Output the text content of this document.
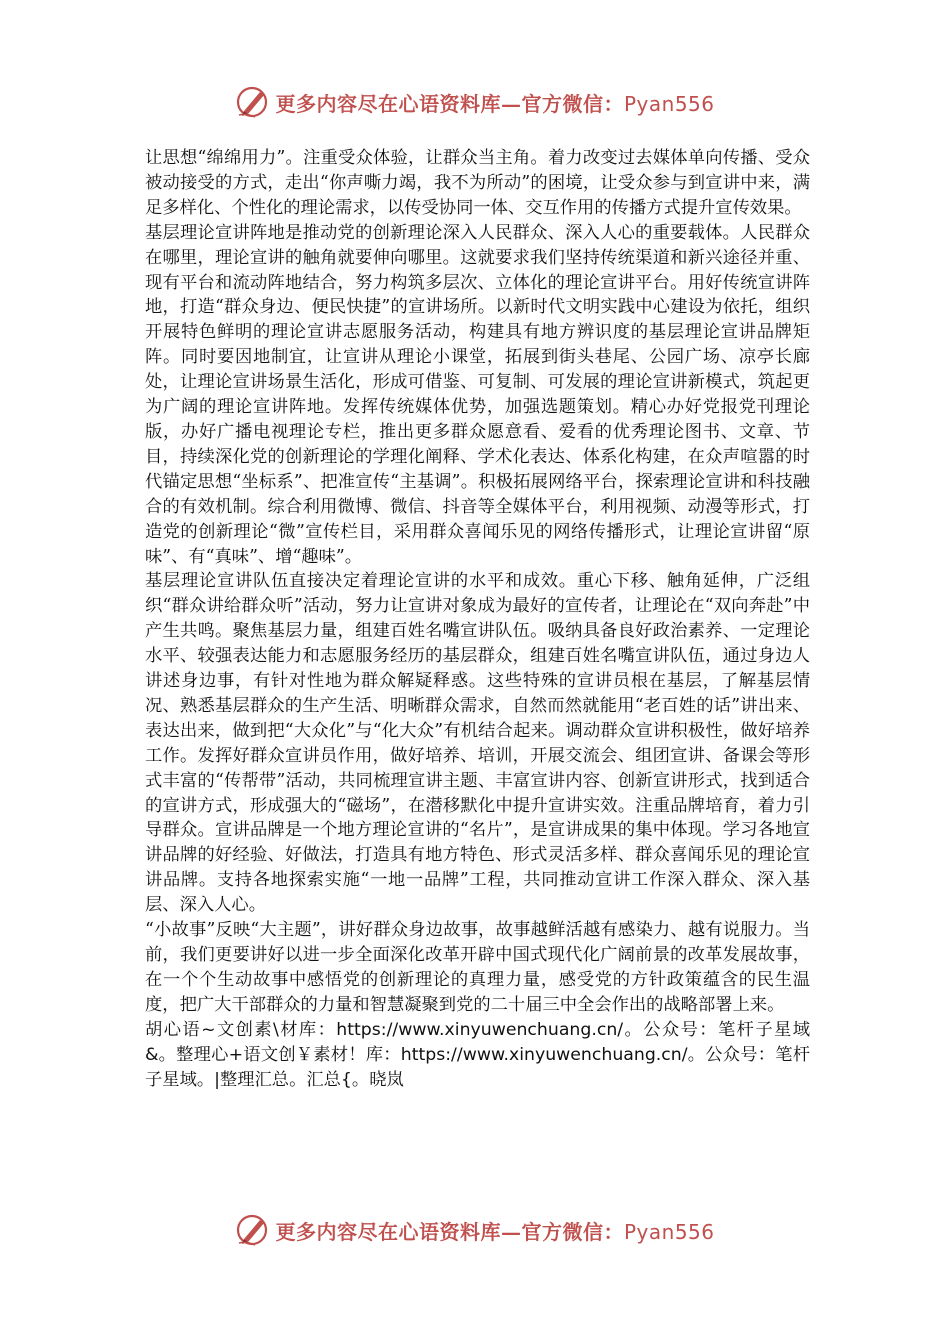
更多内容尽在心语资料库—官方微信：Pyan556

让思想“绵绵用力”。注重受众体验，让群众当主角。着力改变过去媒体单向传播、受众被动接受的方式，走出“你声嘶力竭，我不为所动”的困境，让受众参与到宣讲中来，满足多样化、个性化的理论需求，以传受协同一体、交互作用的传播方式提升宣传效果。

基层理论宣讲阵地是推动党的创新理论深入人民群众、深入人心的重要载体。人民群众在哪里，理论宣讲的触角就要伸向哪里。这就要求我们坚持传统渠道和新兴途径并重、现有平台和流动阵地结合，努力构筑多层次、立体化的理论宣讲平台。用好传统宣讲阵地，打造“群众身边、便民快捷”的宣讲场所。以新时代文明实践中心建设为依托，组织开展特色鲜明的理论宣讲志愿服务活动，构建具有地方辨识度的基层理论宣讲品牌矩阵。同时要因地制宜，让宣讲从理论小课堂，拓展到街头巷尾、公园广场、凉亭长廊处，让理论宣讲场景生活化，形成可借鉴、可复制、可发展的理论宣讲新模式，筑起更为广阔的理论宣讲阵地。发挥传统媒体优势，加强选题策划。精心办好党报党刊理论版，办好广播电视理论专栏，推出更多群众愿意看、爱看的优秀理论图书、文章、节目，持续深化党的创新理论的学理化阐释、学术化表达、体系化构建，在众声喧嚣的时代锚定思想“坐标系”、把准宣传“主基调”。积极拓展网络平台，探索理论宣讲和科技融合的有效机制。综合利用微博、微信、抖音等全媒体平台，利用视频、动漫等形式，打造党的创新理论“微”宣传栏目，采用群众喜闻乐见的网络传播形式，让理论宣讲留“原味”、有“真味”、增“趣味”。

基层理论宣讲队伍直接决定着理论宣讲的水平和成效。重心下移、触角延伸，广泛组织“群众讲给群众听”活动，努力让宣讲对象成为最好的宣传者，让理论在“双向奔赴”中产生共鸣。聚焦基层力量，组建百姓名嘴宣讲队伍。吸纳具备良好政治素养、一定理论水平、较强表达能力和志愿服务经历的基层群众，组建百姓名嘴宣讲队伍，通过身边人讲述身边事，有针对性地为群众解疑释惑。这些特殊的宣讲员根在基层，了解基层情况、熟悉基层群众的生产生活、明晰群众需求，自然而然就能用“老百姓的话”讲出来、表达出来，做到把“大众化”与“化大众”有机结合起来。调动群众宣讲积极性，做好培养工作。发挥好群众宣讲员作用，做好培养、培训，开展交流会、组团宣讲、备课会等形式丰富的“传帮带”活动，共同梳理宣讲主题、丰富宣讲内容、创新宣讲形式，找到适合的宣讲方式，形成强大的“磁场”，在潜移默化中提升宣讲实效。注重品牌培育，着力引导群众。宣讲品牌是一个地方理论宣讲的“名片”，是宣讲成果的集中体现。学习各地宣讲品牌的好经验、好做法，打造具有地方特色、形式灵活多样、群众喜闻乐见的理论宣讲品牌。支持各地探索实施“一地一品牌”工程，共同推动宣讲工作深入群众、深入基层、深入人心。

“小故事”反映“大主题”，讲好群众身边故事，故事越鲜活越有感染力、越有说服力。当前，我们更要讲好以进一步全面深化改革开辟中国式现代化广阔前景的改革发展故事，在一个个生动故事中感悟党的创新理论的真理力量，感受党的方针政策蕴含的民生温度，把广大干部群众的力量和智慧凝聚到党的二十届三中全会作出的战略部署上来。

胡心语~文创素\材库：https://www.xinyuwenchuang.cn/。公众号：笔杆子星域&。整理心+语文创￥素材！库：https://www.xinyuwenchuang.cn/。公众号：笔杆子星域。|整理汇总。汇总{。晓岚

更多内容尽在心语资料库—官方微信：Pyan556
